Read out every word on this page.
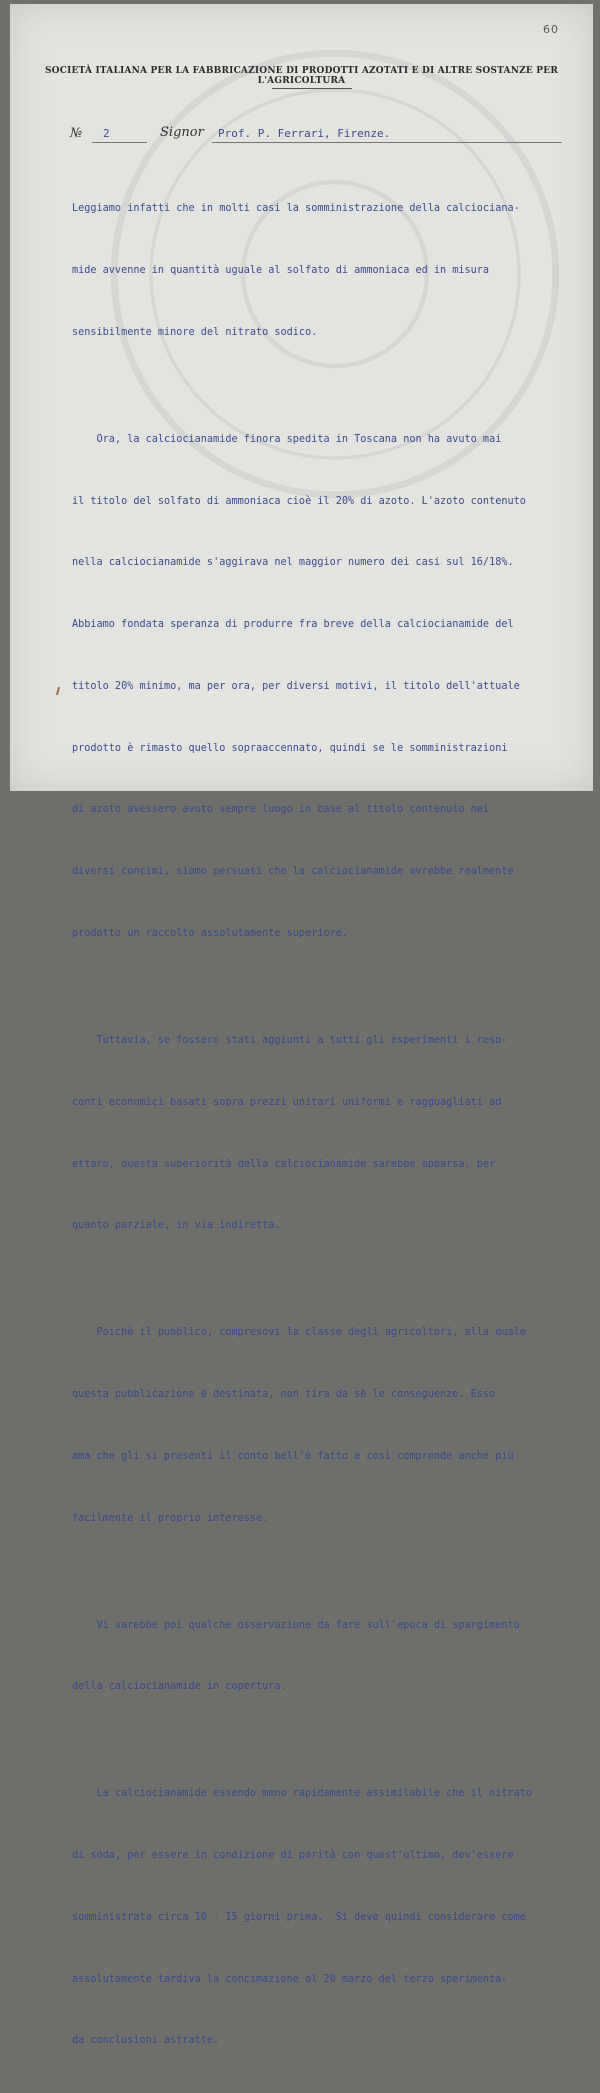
60
SOCIETÀ ITALIANA PER LA FABBRICAZIONE DI PRODOTTI AZOTATI E DI ALTRE SOSTANZE PER L'AGRICOLTURA
№ 2	Signor Prof. P. Ferrari, Firenze.

Leggiamo infatti che in molti casi la somministrazione della calciociana-

mide avvenne in quantità uguale al solfato di ammoniaca ed in misura

sensibilmente minore del nitrato sodico.

Ora, la calciocianamide finora spedita in Toscana non ha avuto mai

il titolo del solfato di ammoniaca cioè il 20% di azoto. L'azoto contenuto

nella calciocianamide s'aggirava nel maggior numero dei casi sul 16/18%.

Abbiamo fondata speranza di produrre fra breve della calciocianamide del

titolo 20% minimo, ma per ora, per diversi motivi, il titolo dell'attuale

prodotto è rimasto quello sopraaccennato, quindi se le somministrazioni

di azoto avessero avuto sempre luogo in base al titolo contenuto nei

diversi concimi, siamo persuasi che la calciocianamide avrebbe realmente

prodotto un raccolto assolutamente superiore.

Tuttavia, se fossero stati aggiunti a tutti gli esperimenti i reso-

conti economici basati sopra prezzi unitari uniformi e ragguagliati ad

ettaro, questa superiorità della calciocianamide sarebbe apparsa, per

quanto parziale, in via indiretta.

Poichè il pubblico, compresovi la classe degli agricoltori, alla quale

questa pubblicazione è destinata, non tira da sè le conseguenze. Esso

ama che gli si presenti il conto bell'è fatto e così comprende anche più

facilmente il proprio interesse.

Vi sarebbe poi qualche osservazione da fare sull'epoca di spargimento

della calciocianamide in copertura.

La calciocianamide essendo meno rapidamente assimilabile che il nitrato

di soda, per essere in condizione di parità con quest'ultimo, dev'essere

somministrata circa 10 - 15 giorni prima.  Si deve quindi considerare come

assolutamente tardiva la concimazione al 20 marzo del terzo sperimenta-

da conclusioni astratte.
